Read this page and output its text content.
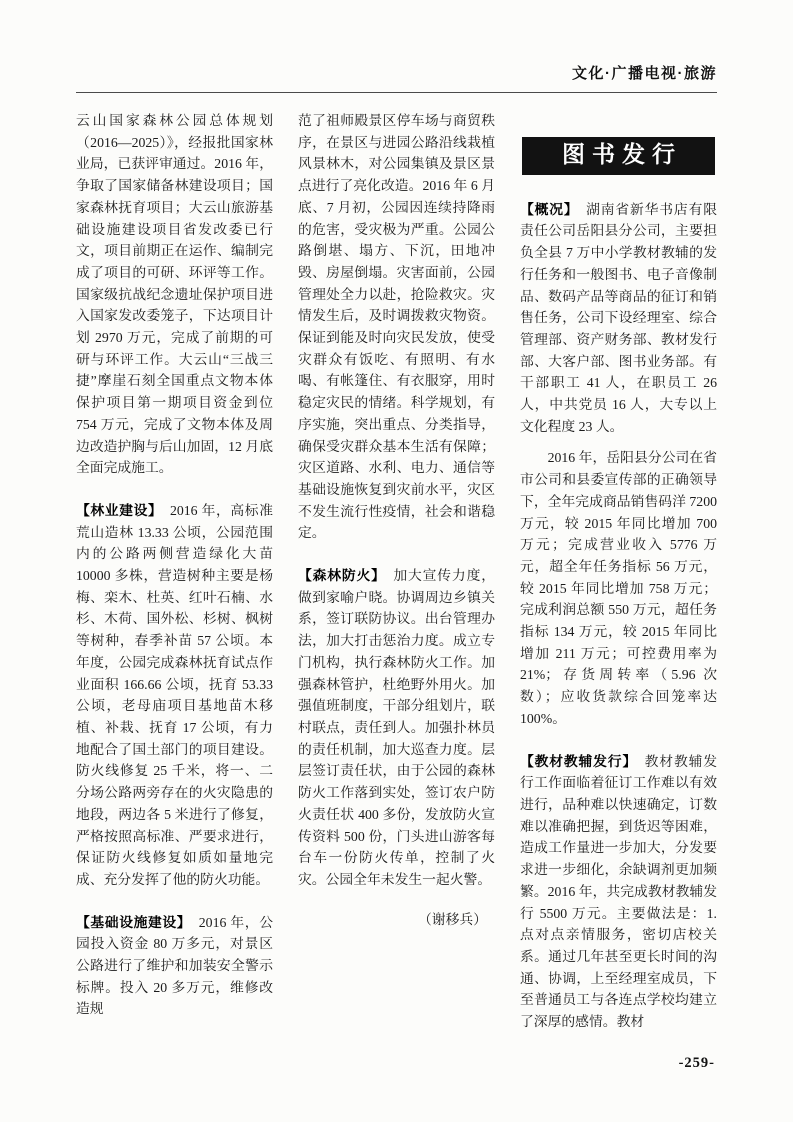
文化·广播电视·旅游

云山国家森林公园总体规划（2016—2025）》，经报批国家林业局，已获评审通过。2016 年，争取了国家储备林建设项目；国家森林抚育项目；大云山旅游基础设施建设项目省发改委已行文，项目前期正在运作、编制完成了项目的可研、环评等工作。国家级抗战纪念遗址保护项目进入国家发改委笼子，下达项目计划 2970 万元，完成了前期的可研与环评工作。大云山“三战三捷”摩崖石刻全国重点文物本体保护项目第一期项目资金到位 754 万元，完成了文物本体及周边改造护胸与后山加固，12 月底全面完成施工。

【林业建设】 2016 年，高标准荒山造林 13.33 公顷，公园范围内的公路两侧营造绿化大苗 10000 多株，营造树种主要是杨梅、栾木、杜英、红叶石楠、水杉、木荷、国外松、杉树、枫树等树种，春季补苗 57 公顷。本年度，公园完成森林抚育试点作业面积 166.66 公顷，抚育 53.33 公顷，老母庙项目基地苗木移植、补栽、抚育 17 公顷，有力地配合了国土部门的项目建设。防火线修复 25 千米，将一、二分场公路两旁存在的火灾隐患的地段，两边各 5 米进行了修复，严格按照高标准、严要求进行，保证防火线修复如质如量地完成、充分发挥了他的防火功能。

【基础设施建设】 2016 年，公园投入资金 80 万多元，对景区公路进行了维护和加装安全警示标牌。投入 20 多万元，维修改造规

范了祖师殿景区停车场与商贸秩序，在景区与进园公路沿线栽植风景林木，对公园集镇及景区景点进行了亮化改造。2016 年 6 月底、7 月初，公园因连续持降雨的危害，受灾极为严重。公园公路倒堪、塌方、下沉，田地冲毁、房屋倒塌。灾害面前，公园管理处全力以赴，抢险救灾。灾情发生后，及时调拨救灾物资。保证到能及时向灾民发放，使受灾群众有饭吃、有照明、有水喝、有帐篷住、有衣服穿，用时稳定灾民的情绪。科学规划，有序实施，突出重点、分类指导，确保受灾群众基本生活有保障；灾区道路、水利、电力、通信等基础设施恢复到灾前水平，灾区不发生流行性疫情，社会和谐稳定。

【森林防火】 加大宣传力度，做到家喻户晓。协调周边乡镇关系，签订联防协议。出台管理办法，加大打击惩治力度。成立专门机构，执行森林防火工作。加强森林管护，杜绝野外用火。加强值班制度，干部分组划片，联村联点，责任到人。加强扑林员的责任机制，加大巡查力度。层层签订责任状，由于公园的森林防火工作落到实处，签订农户防火责任状 400 多份，发放防火宣传资料 500 份，门头进山游客每台车一份防火传单，控制了火灾。公园全年未发生一起火警。

（谢移兵）

图书发行

【概况】 湖南省新华书店有限责任公司岳阳县分公司，主要担负全县 7 万中小学教材教辅的发行任务和一般图书、电子音像制品、数码产品等商品的征订和销售任务，公司下设经理室、综合管理部、资产财务部、教材发行部、大客户部、图书业务部。有干部职工 41 人，在职员工 26 人，中共党员 16 人，大专以上文化程度 23 人。

2016 年，岳阳县分公司在省市公司和县委宣传部的正确领导下，全年完成商品销售码洋 7200 万元，较 2015 年同比增加 700 万元；完成营业收入 5776 万元，超全年任务指标 56 万元，较 2015 年同比增加 758 万元；完成利润总额 550 万元，超任务指标 134 万元，较 2015 年同比增加 211 万元；可控费用率为 21%；存货周转率（5.96 次数）；应收货款综合回笼率达 100%。

【教材教辅发行】 教材教辅发行工作面临着征订工作难以有效进行，品种难以快速确定，订数难以准确把握，到货迟等困难，造成工作量进一步加大，分发要求进一步细化，余缺调剂更加频繁。2016 年，共完成教材教辅发行 5500 万元。主要做法是：1. 点对点亲情服务，密切店校关系。通过几年甚至更长时间的沟通、协调，上至经理室成员，下至普通员工与各连点学校均建立了深厚的感情。教材

-259-
